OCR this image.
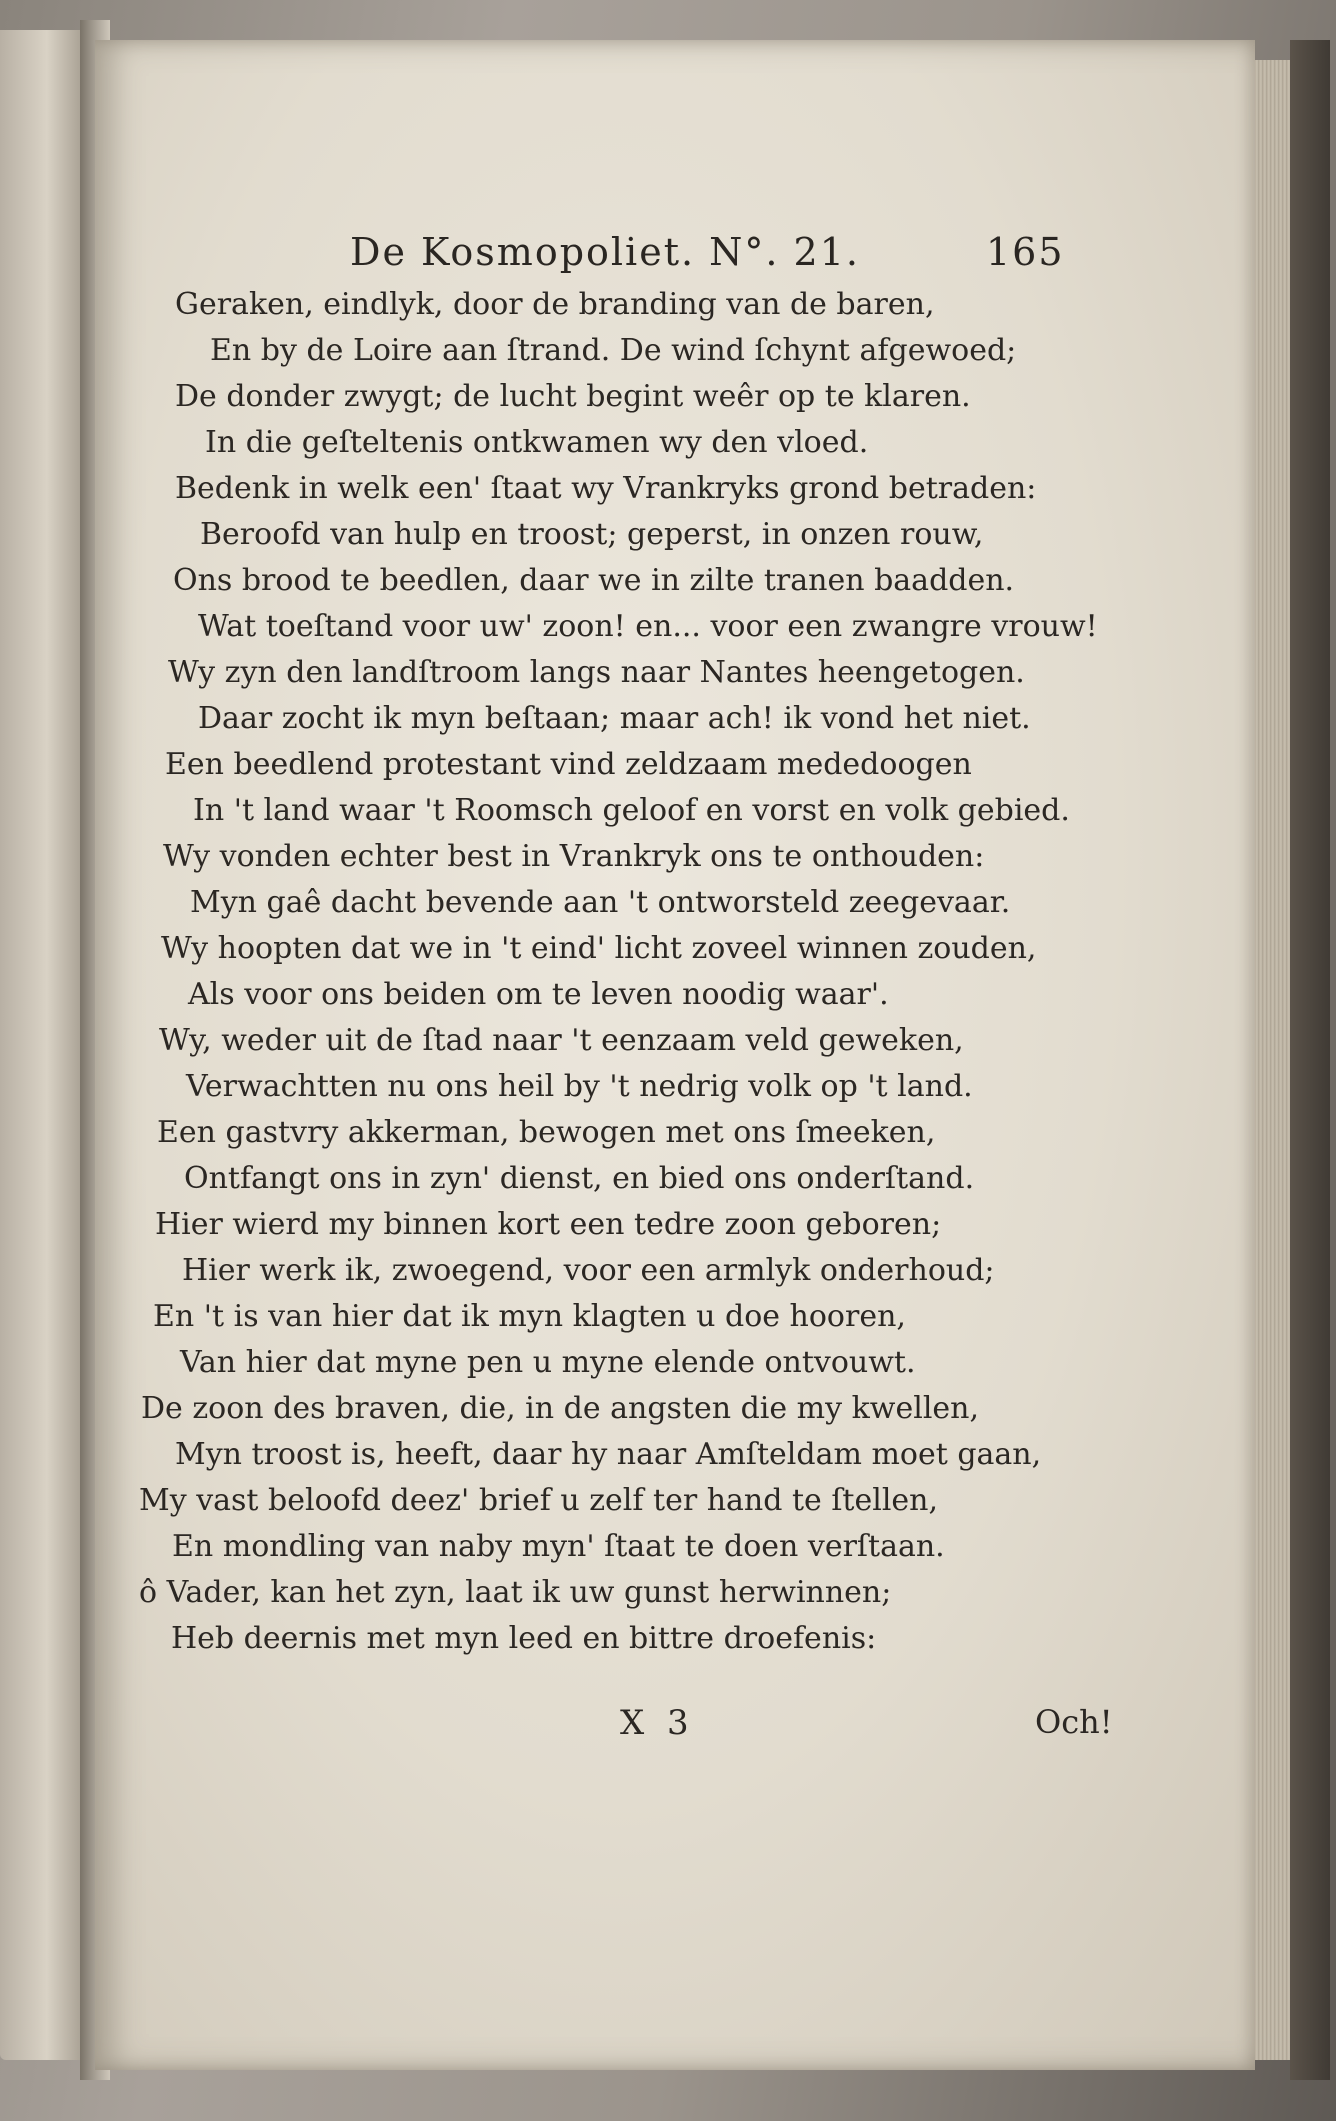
De Kosmopoliet. N°. 21.	165
Geraken, eindlyk, door de branding van de baren,
En by de Loire aan ſtrand. De wind ſchynt afgewoed;
De donder zwygt; de lucht begint weêr op te klaren.
In die geſteltenis ontkwamen wy den vloed.
Bedenk in welk een' ſtaat wy Vrankryks grond betraden:
Beroofd van hulp en troost; geperst, in onzen rouw,
Ons brood te beedlen, daar we in zilte tranen baadden.
Wat toeſtand voor uw' zoon! en... voor een zwangre vrouw!
Wy zyn den landſtroom langs naar Nantes heengetogen.
Daar zocht ik myn beſtaan; maar ach! ik vond het niet.
Een beedlend protestant vind zeldzaam mededoogen
In 't land waar 't Roomsch geloof en vorst en volk gebied.
Wy vonden echter best in Vrankryk ons te onthouden:
Myn gaê dacht bevende aan 't ontworsteld zeegevaar.
Wy hoopten dat we in 't eind' licht zoveel winnen zouden,
Als voor ons beiden om te leven noodig waar'.
Wy, weder uit de ſtad naar 't eenzaam veld geweken,
Verwachtten nu ons heil by 't nedrig volk op 't land.
Een gastvry akkerman, bewogen met ons ſmeeken,
Ontfangt ons in zyn' dienst, en bied ons onderſtand.
Hier wierd my binnen kort een tedre zoon geboren;
Hier werk ik, zwoegend, voor een armlyk onderhoud;
En 't is van hier dat ik myn klagten u doe hooren,
Van hier dat myne pen u myne elende ontvouwt.
De zoon des braven, die, in de angsten die my kwellen,
Myn troost is, heeft, daar hy naar Amſteldam moet gaan,
My vast beloofd deez' brief u zelf ter hand te ſtellen,
En mondling van naby myn' ſtaat te doen verſtaan.
ô Vader, kan het zyn, laat ik uw gunst herwinnen;
Heb deernis met myn leed en bittre droefenis:
X 3	Och!
